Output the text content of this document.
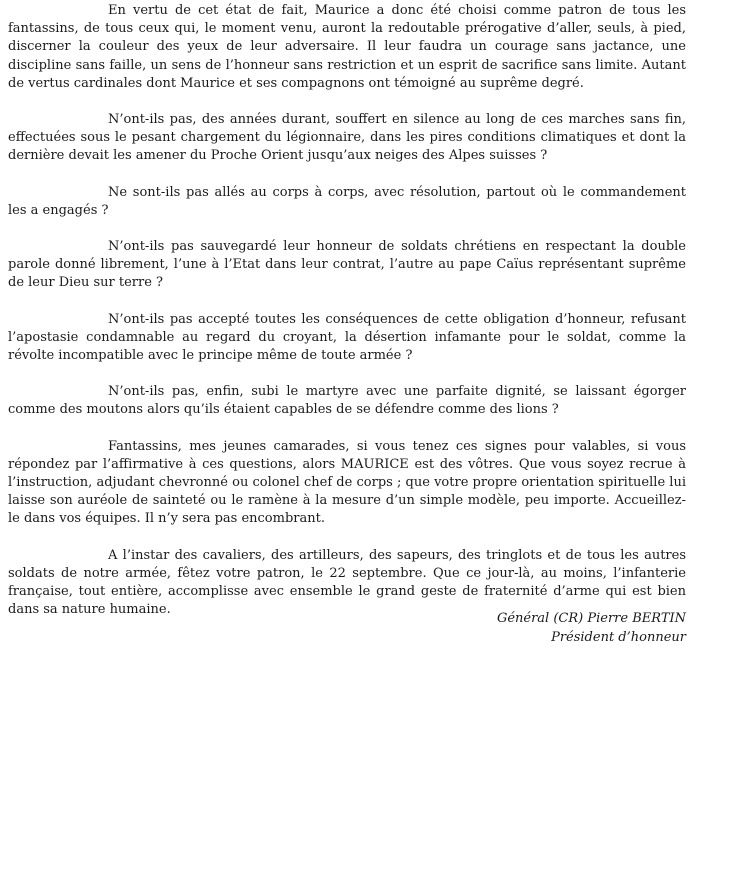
En vertu de cet état de fait, Maurice a donc été choisi comme patron de tous les fantassins, de tous ceux qui, le moment venu, auront la redoutable prérogative d’aller, seuls, à pied, discerner la couleur des yeux de leur adversaire. Il leur faudra un courage sans jactance, une discipline sans faille, un sens de l’honneur sans restriction et un esprit de sacrifice sans limite. Autant de vertus cardinales dont Maurice et ses compagnons ont témoigné au suprême degré.

N’ont-ils pas, des années durant, souffert en silence au long de ces marches sans fin, effectuées sous le pesant chargement du légionnaire, dans les pires conditions climatiques et dont la dernière devait les amener du Proche Orient jusqu’aux neiges des Alpes suisses ?

Ne sont-ils pas allés au corps à corps, avec résolution, partout où le commandement les a engagés ?

N’ont-ils pas sauvegardé leur honneur de soldats chrétiens en respectant la double parole donné librement, l’une à l’Etat dans leur contrat, l’autre au pape Caïus représentant suprême de leur Dieu sur terre ?

N’ont-ils pas accepté toutes les conséquences de cette obligation d’honneur, refusant l’apostasie condamnable au regard du croyant, la désertion infamante pour le soldat, comme la révolte incompatible avec le principe même de toute armée ?

N’ont-ils pas, enfin, subi le martyre avec une parfaite dignité, se laissant égorger comme des moutons alors qu’ils étaient capables de se défendre comme des lions ?

Fantassins, mes jeunes camarades, si vous tenez ces signes pour valables, si vous répondez par l’affirmative à ces questions, alors MAURICE est des vôtres. Que vous soyez recrue à l’instruction, adjudant chevronné ou colonel chef de corps ; que votre propre orientation spirituelle lui laisse son auréole de sainteté ou le ramène à la mesure d’un simple modèle, peu importe. Accueillez-le dans vos équipes. Il n’y sera pas encombrant.

A l’instar des cavaliers, des artilleurs, des sapeurs, des tringlots et de tous les autres soldats de notre armée, fêtez votre patron, le 22 septembre. Que ce jour-là, au moins, l’infanterie française, tout entière, accomplisse avec ensemble le grand geste de fraternité d’arme qui est bien dans sa nature humaine.

Général (CR) Pierre BERTIN
Président d’honneur
